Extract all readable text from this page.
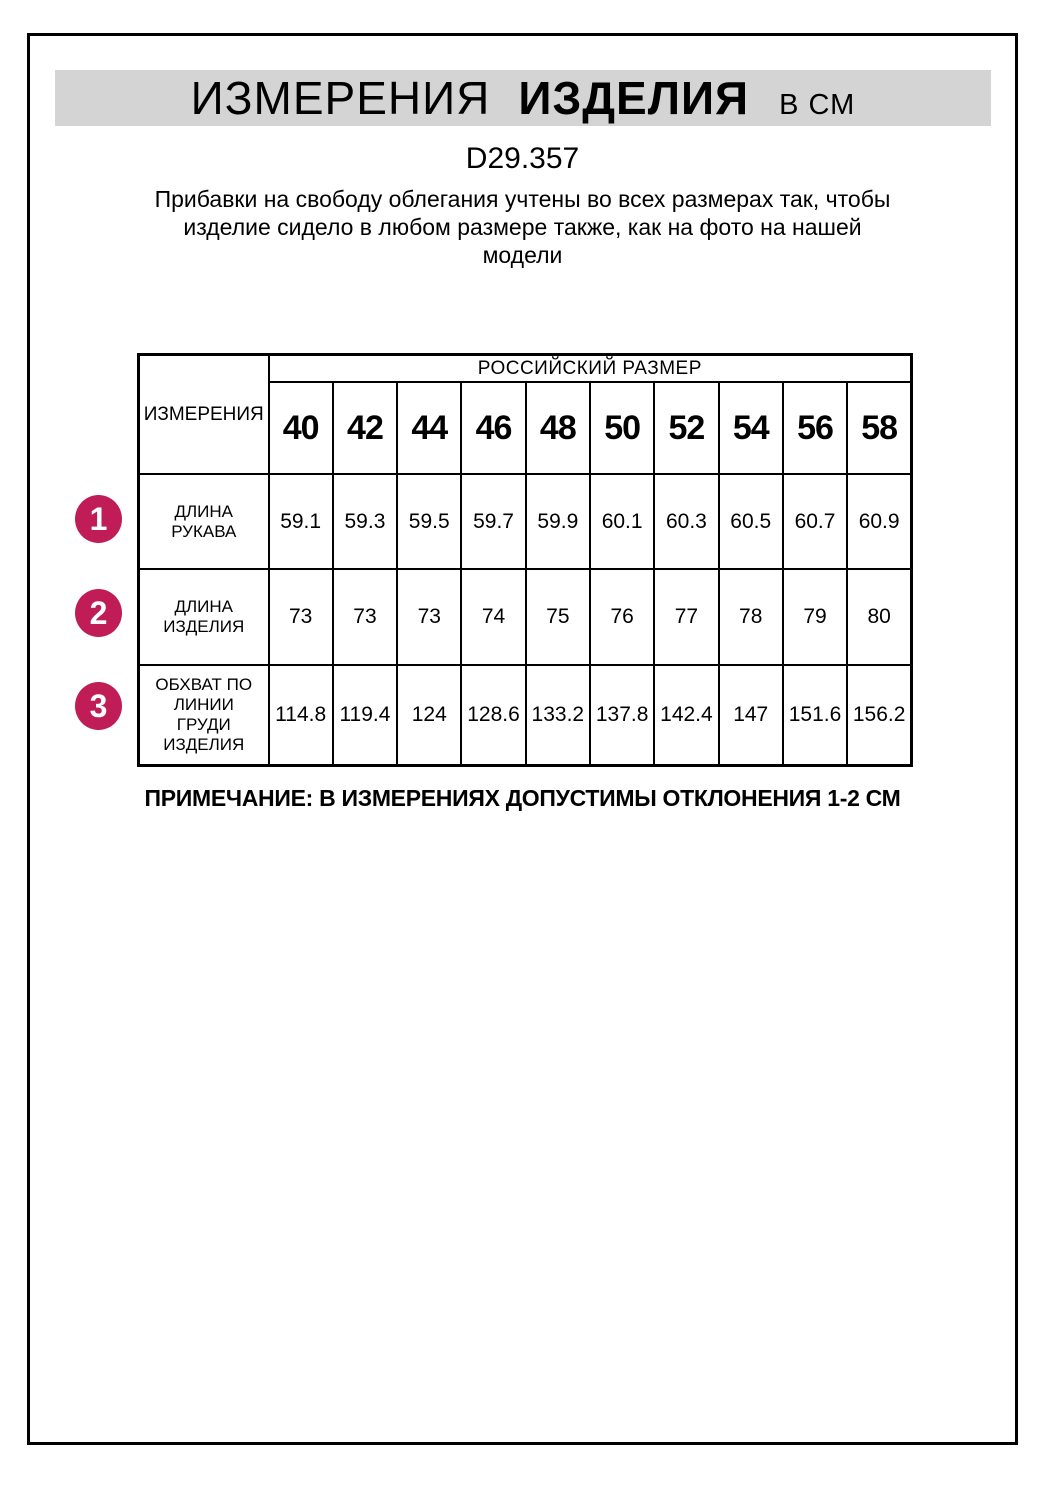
ИЗМЕРЕНИЯ ИЗДЕЛИЯ В СМ
D29.357
Прибавки на свободу облегания учтены во всех размерах так, чтобы
изделие сидело в любом размере также, как на фото на нашей
модели
1
2
3
ИЗМЕРЕНИЯ	РОССИЙСКИЙ РАЗМЕР									
	40	42	44	46	48	50	52	54	56	58
ДЛИНА РУКАВА	59.1	59.3	59.5	59.7	59.9	60.1	60.3	60.5	60.7	60.9
ДЛИНА ИЗДЕЛИЯ	73	73	73	74	75	76	77	78	79	80
ОБХВАТ ПО ЛИНИИ ГРУДИ ИЗДЕЛИЯ	114.8	119.4	124	128.6	133.2	137.8	142.4	147	151.6	156.2
ПРИМЕЧАНИЕ: В ИЗМЕРЕНИЯХ ДОПУСТИМЫ ОТКЛОНЕНИЯ 1-2 СМ
